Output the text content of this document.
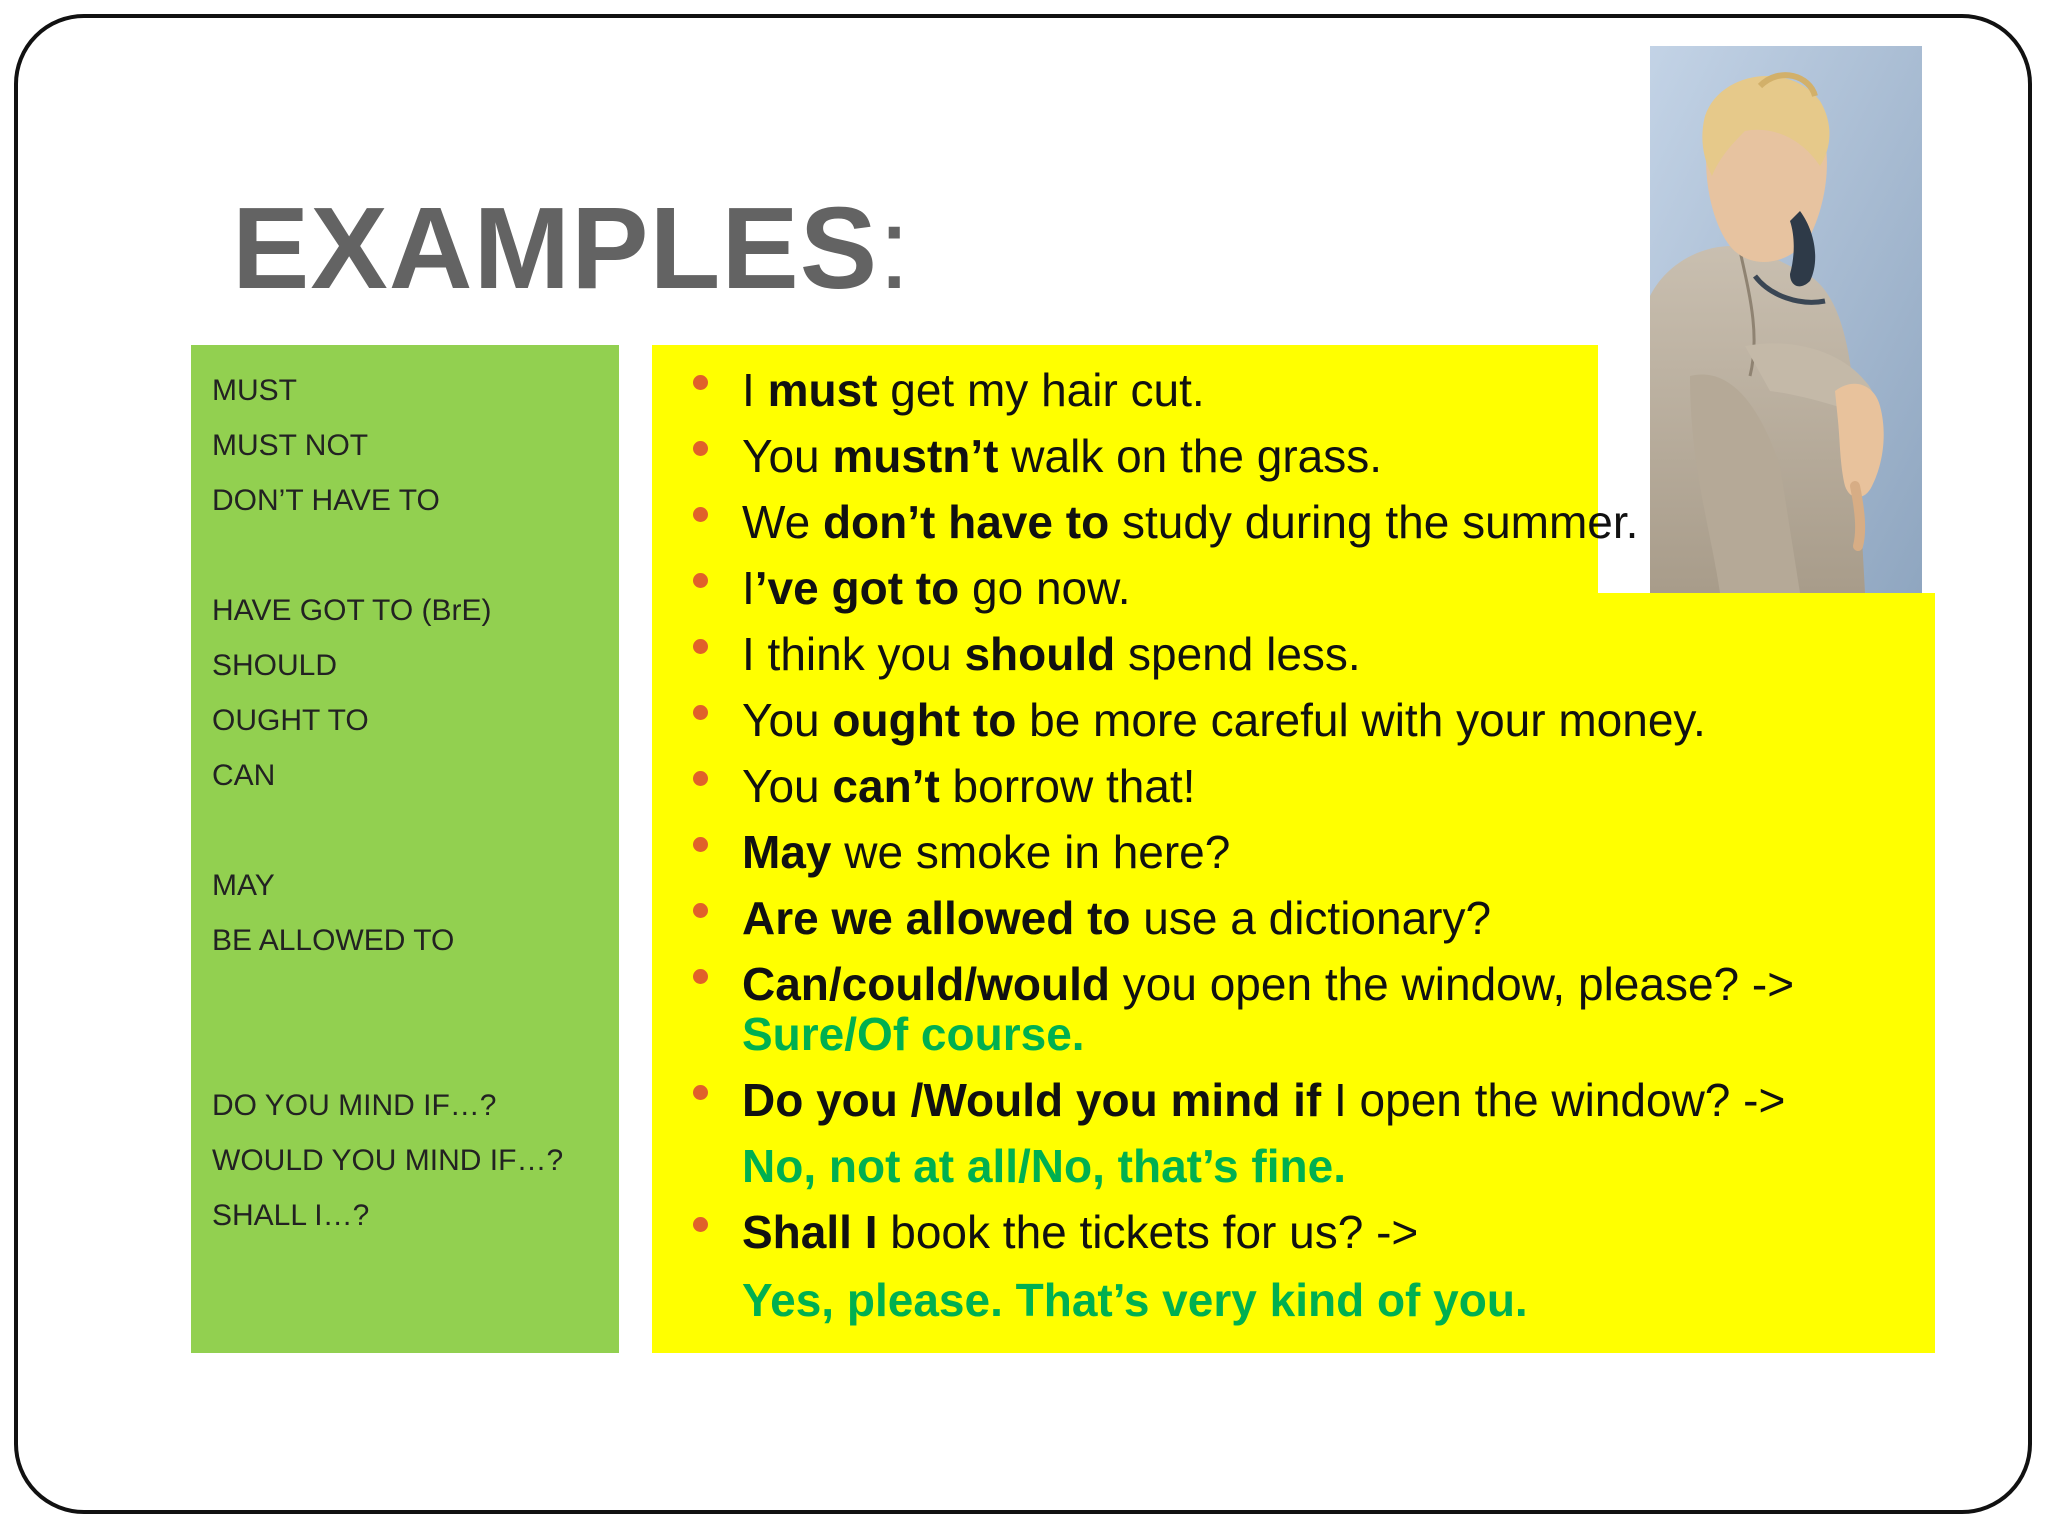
EXAMPLES:
MUST
MUST NOT
DON’T HAVE TO
HAVE GOT TO (BrE)
SHOULD
OUGHT TO
CAN
MAY
BE ALLOWED TO
DO YOU MIND IF…?
WOULD YOU MIND IF…?
SHALL I…?
I must get my hair cut.
You mustn’t walk on the grass.
We don’t have to study during the summer.
I’ve got to go now.
I think you should spend less.
You ought to be more careful with your money.
You can’t borrow that!
May we smoke in here?
Are we allowed to use a dictionary?
Can/could/would you open the window, please? ->
Sure/Of course.
Do you /Would you mind if I open the window? ->
No, not at all/No, that’s fine.
Shall I book the tickets for us? ->
Yes, please. That’s very kind of you.
